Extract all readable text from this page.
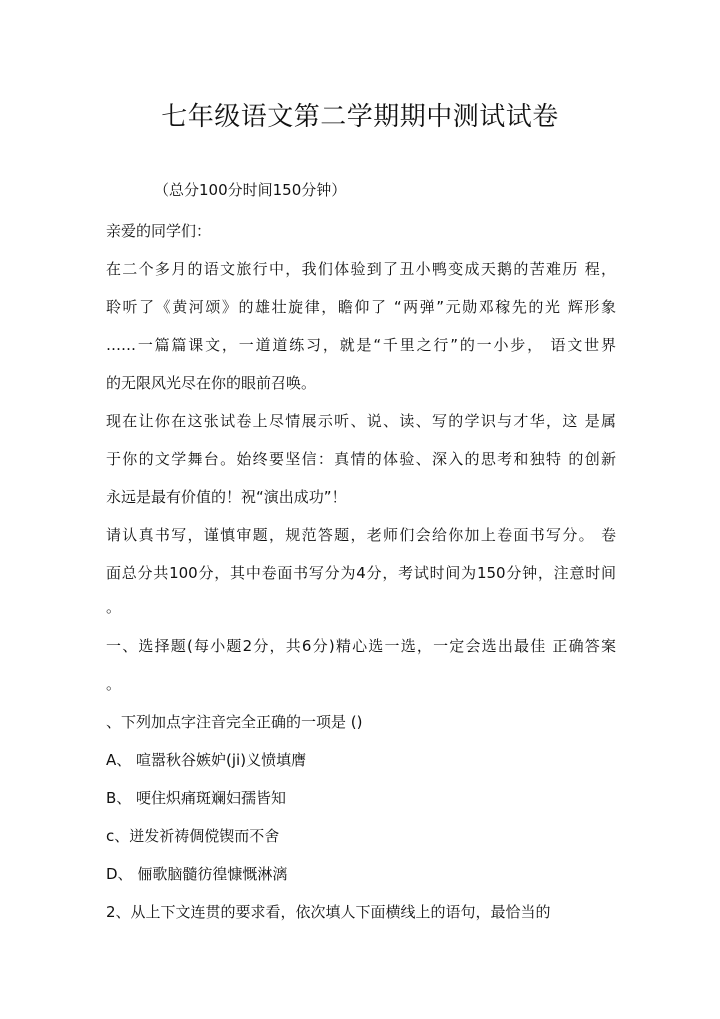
七年级语文第二学期期中测试试卷
（总分100分时间150分钟）
亲爱的同学们：
在二个多月的语文旅行中，我们体验到了丑小鸭变成天鹅的苦难历 程，
聆听了《黄河颂》的雄壮旋律，瞻仰了 “两弹”元勋邓稼先的光 辉形象
……一篇篇课文，一道道练习，就是“千里之行”的一小步， 语文世界
的无限风光尽在你的眼前召唤。
现在让你在这张试卷上尽情展示听、说、读、写的学识与才华，这 是属
于你的文学舞台。始终要坚信：真情的体验、深入的思考和独特 的创新
永远是最有价值的！祝“演出成功”！
请认真书写，谨慎审题，规范答题，老师们会给你加上卷面书写分。 卷
面总分共100分，其中卷面书写分为4分，考试时间为150分钟，注意时间
。
一、选择题(每小题2分，共6分)精心选一选，一定会选出最佳 正确答案
。
、下列加点字注音完全正确的一项是 ()
A、 喧嚣秋谷嫉妒(ji)义愤填膺
B、 哽住炽痛斑斓妇孺皆知
c、迸发祈祷倜傥锲而不舍
D、 俪歌脑髓彷徨慷慨淋漓
2、从上下文连贯的要求看，依次填人下面横线上的语句，最恰当的
